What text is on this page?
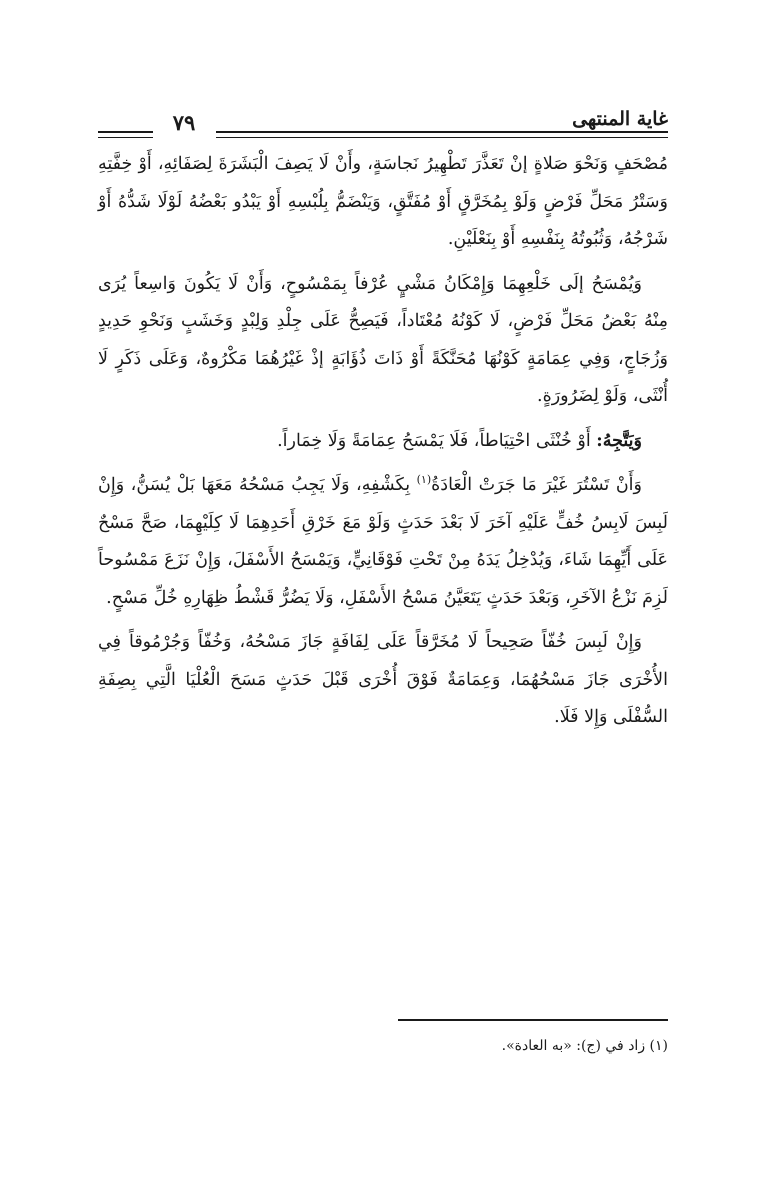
٧٩	غاية المنتهى

مُصْحَفٍ وَنَحْوَ صَلاةٍ إنْ تَعَذَّرَ تَطْهِيرُ نَجاسَةٍ، وأَنْ لَا يَصِفَ الْبَشَرَةَ لِصَفَائِهِ، أَوْ خِفَّتِهِ وَسَتْرُ مَحَلِّ فَرْضٍ وَلَوْ بِمُخَرَّقٍ أَوْ مُفَتَّقٍ، وَيَنْضَمُّ بِلُبْسِهِ أَوْ يَبْدُو بَعْضُهُ لَوْلَا شَدُّهُ أَوْ شَرْجُهُ، وَثُبُوتُهُ بِنَفْسِهِ أَوْ بِنَعْلَيْنِ.

وَيُمْسَحُ إلَى خَلْعِهِمَا وَإِمْكَانُ مَشْيٍ عُرْفاً بِمَمْسُوحٍ، وَأَنْ لَا يَكُونَ وَاسِعاً يُرَى مِنْهُ بَعْضُ مَحَلِّ فَرْضٍ، لَا كَوْنُهُ مُعْتَاداً، فَيَصِحُّ عَلَى جِلْدِ وَلِبْدٍ وَخَشَبٍ وَنَحْوِ حَدِيدٍ وَزُجَاجٍ، وَفِي عِمَامَةٍ كَوْنُهَا مُحَنَّكَةً أَوْ ذَاتَ ذُؤَابَةٍ إذْ غَيْرُهُمَا مَكْرُوهٌ، وَعَلَى ذَكَرٍ لَا أُنْثَى، وَلَوْ لِضَرُورَةٍ.

وَيَتَّجِهُ: أَوْ خُنْثَى احْتِيَاطاً، فَلَا يَمْسَحُ عِمَامَةً وَلَا خِمَاراً.

وَأَنْ تَسْتُرَ غَيْرَ مَا جَرَتْ الْعَادَةُ$^{(١)}$ بِكَشْفِهِ، وَلَا يَجِبُ مَسْحُهُ مَعَهَا بَلْ يُسَنُّ، وَإِنْ لَبِسَ لَابِسُ خُفٍّ عَلَيْهِ آخَرَ لَا بَعْدَ حَدَثٍ وَلَوْ مَعَ خَرْقِ أَحَدِهِمَا لَا كِلَيْهِمَا، صَحَّ مَسْحٌ عَلَى أَيِّهِمَا شَاءَ، وَيُدْخِلُ يَدَهُ مِنْ تَحْتِ فَوْقَانِيٍّ، وَيَمْسَحُ الأَسْفَلَ، وَإِنْ نَزَعَ مَمْسُوحاً لَزِمَ نَزْعُ الآخَرِ، وَبَعْدَ حَدَثٍ يَتَعَيَّنُ مَسْحُ الأَسْفَلِ، وَلَا يَضُرُّ قَشْطُ ظِهَارِهِ خُلِّ مَسْحٍ.

وَإِنْ لَبِسَ خُفّاً صَحِيحاً لَا مُخَرَّقاً عَلَى لِفَافَةٍ جَازَ مَسْحُهُ، وَخُفّاً وَجُرْمُوقاً فِي الأُخْرَى جَازَ مَسْحُهُمَا، وَعِمَامَةٌ فَوْقَ أُخْرَى قَبْلَ حَدَثٍ مَسَحَ الْعُلْيَا الَّتِي بِصِفَةِ السُّفْلَى وَإِلا فَلَا.

(١) زاد في (ج): «به العادة».
